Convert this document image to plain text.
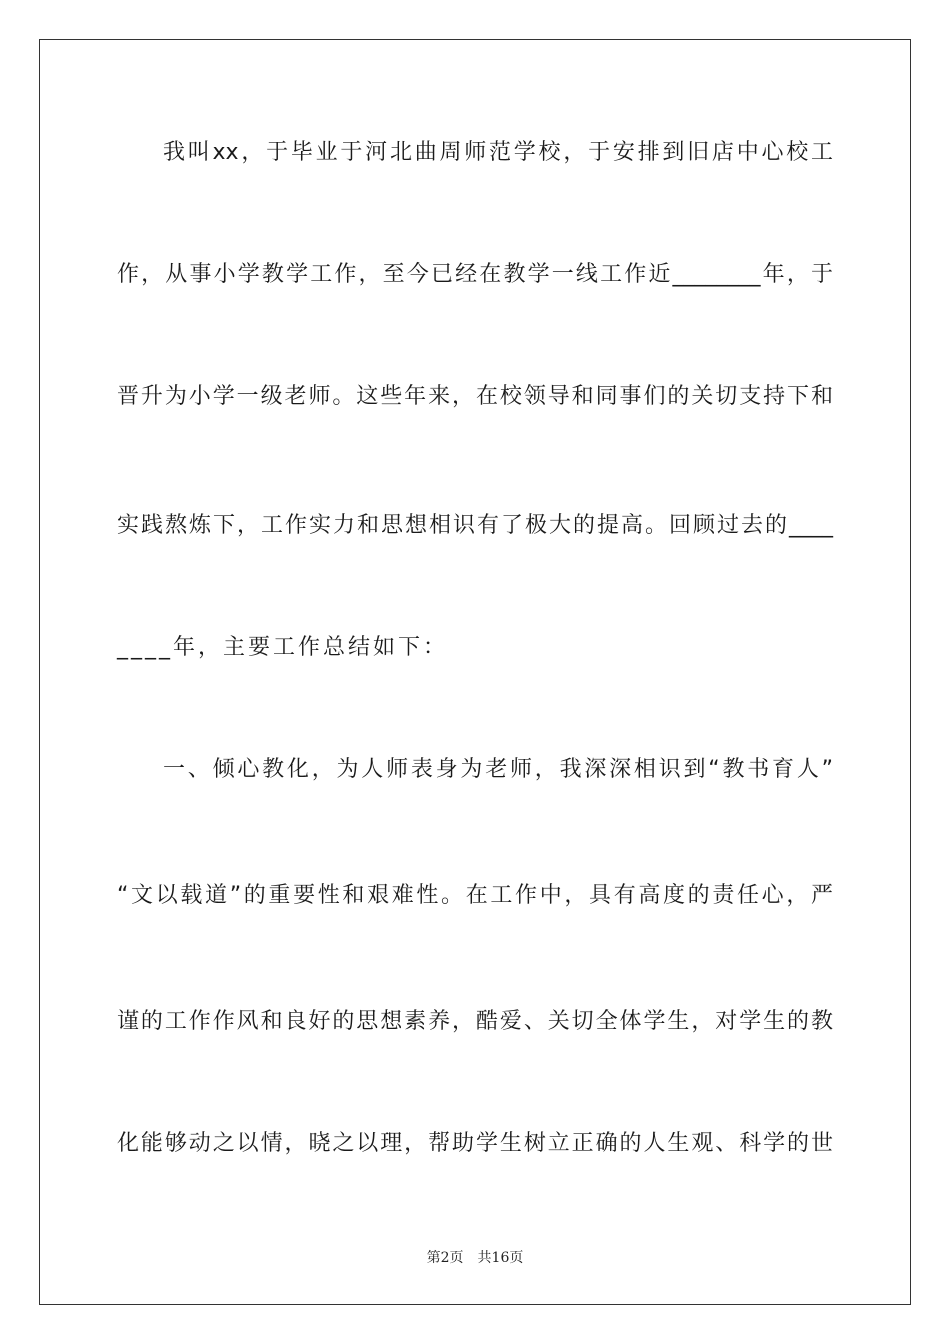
我叫xx，于毕业于河北曲周师范学校，于安排到旧店中心校工
作，从事小学教学工作，至今已经在教学一线工作近________年，于
晋升为小学一级老师。这些年来，在校领导和同事们的关切支持下和
实践熬炼下，工作实力和思想相识有了极大的提高。回顾过去的____
____年，主要工作总结如下：
一、倾心教化，为人师表身为老师，我深深相识到“教书育人”
“文以载道”的重要性和艰难性。在工作中，具有高度的责任心，严
谨的工作作风和良好的思想素养，酷爱、关切全体学生，对学生的教
化能够动之以情，晓之以理，帮助学生树立正确的人生观、科学的世
第2页　共16页
